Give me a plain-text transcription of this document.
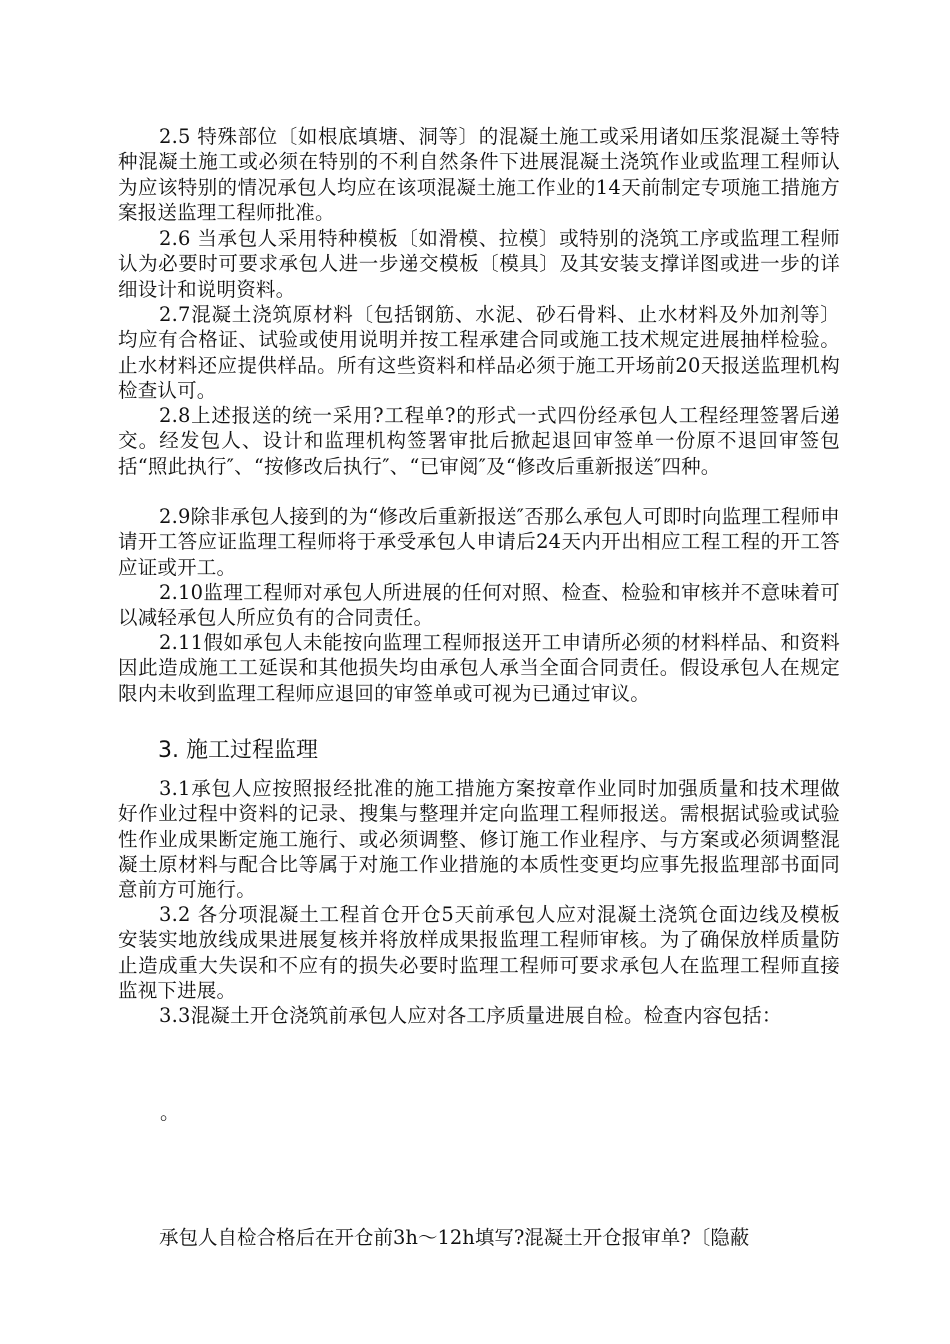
2.5 特殊部位〔如根底填塘、洞等〕的混凝土施工或采用诸如压浆混凝土等特种混凝土施工或必须在特别的不利自然条件下进展混凝土浇筑作业或监理工程师认为应该特别的情况承包人均应在该项混凝土施工作业的14天前制定专项施工措施方案报送监理工程师批准。

2.6 当承包人采用特种模板〔如滑模、拉模〕或特别的浇筑工序或监理工程师认为必要时可要求承包人进一步递交模板〔模具〕及其安装支撑详图或进一步的详细设计和说明资料。

2.7混凝土浇筑原材料〔包括钢筋、水泥、砂石骨料、止水材料及外加剂等〕均应有合格证、试验或使用说明并按工程承建合同或施工技术规定进展抽样检验。止水材料还应提供样品。所有这些资料和样品必须于施工开场前20天报送监理机构检查认可。

2.8上述报送的统一采用?工程单?的形式一式四份经承包人工程经理签署后递交。经发包人、设计和监理机构签署审批后掀起退回审签单一份原不退回审签包括“照此执行″、“按修改后执行″、“已审阅″及“修改后重新报送″四种。

2.9除非承包人接到的为“修改后重新报送″否那么承包人可即时向监理工程师申请开工答应证监理工程师将于承受承包人申请后24天内开出相应工程工程的开工答应证或开工。

2.10监理工程师对承包人所进展的任何对照、检查、检验和审核并不意味着可以减轻承包人所应负有的合同责任。

2.11假如承包人未能按向监理工程师报送开工申请所必须的材料样品、和资料因此造成施工工延误和其他损失均由承包人承当全面合同责任。假设承包人在规定限内未收到监理工程师应退回的审签单或可视为已通过审议。

3. 施工过程监理

3.1承包人应按照报经批准的施工措施方案按章作业同时加强质量和技术理做好作业过程中资料的记录、搜集与整理并定向监理工程师报送。需根据试验或试验性作业成果断定施工施行、或必须调整、修订施工作业程序、与方案或必须调整混凝土原材料与配合比等属于对施工作业措施的本质性变更均应事先报监理部书面同意前方可施行。

3.2 各分项混凝土工程首仓开仓5天前承包人应对混凝土浇筑仓面边线及模板安装实地放线成果进展复核并将放样成果报监理工程师审核。为了确保放样质量防止造成重大失误和不应有的损失必要时监理工程师可要求承包人在监理工程师直接监视下进展。

3.3混凝土开仓浇筑前承包人应对各工序质量进展自检。检查内容包括：

。

承包人自检合格后在开仓前3h～12h填写?混凝土开仓报审单?〔隐蔽
